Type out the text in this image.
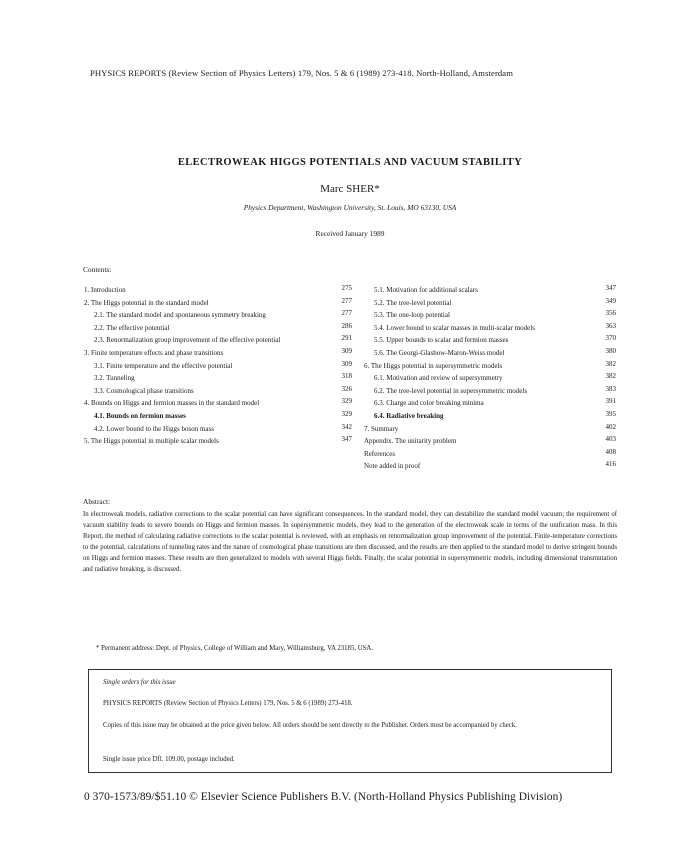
PHYSICS REPORTS (Review Section of Physics Letters) 179, Nos. 5 & 6 (1989) 273-418. North-Holland, Amsterdam
ELECTROWEAK HIGGS POTENTIALS AND VACUUM STABILITY
Marc SHER*
Physics Department, Washington University, St. Louis, MO 63130, USA
Received January 1989
Contents:
1. Introduction	275
2. The Higgs potential in the standard model	277
2.1. The standard model and spontaneous symmetry breaking	277
2.2. The effective potential	286
2.3. Renormalization group improvement of the effective potential	291
3. Finite temperature effects and phase transitions	309
3.1. Finite temperature and the effective potential	309
3.2. Tunneling	318
3.3. Cosmological phase transitions	326
4. Bounds on Higgs and fermion masses in the standard model	329
4.1. Bounds on fermion masses	329
4.2. Lower bound to the Higgs boson mass	342
5. The Higgs potential in multiple scalar models	347
5.1. Motivation for additional scalars	347
5.2. The tree-level potential	349
5.3. The one-loop potential	356
5.4. Lower bound to scalar masses in multi-scalar models	363
5.5. Upper bounds to scalar and fermion masses	370
5.6. The Georgi-Glashow-Maron-Weiss model	380
6. The Higgs potential in supersymmetric models	382
6.1. Motivation and review of supersymmetry	382
6.2. The tree-level potential in supersymmetric models	383
6.3. Charge and color breaking minima	391
6.4. Radiative breaking	395
7. Summary	402
Appendix. The unitarity problem	403
References	408
Note added in proof	416
Abstract:
In electroweak models, radiative corrections to the scalar potential can have significant consequences. In the standard model, they can destabilize the standard model vacuum; the requirement of vacuum stability leads to severe bounds on Higgs and fermion masses. In supersymmetric models, they lead to the generation of the electroweak scale in terms of the unification mass. In this Report, the method of calculating radiative corrections to the scalar potential is reviewed, with an emphasis on renormalization group improvement of the potential. Finite-temperature corrections to the potential, calculations of tunneling rates and the nature of cosmological phase transitions are then discussed, and the results are then applied to the standard model to derive stringent bounds on Higgs and fermion masses. These results are then generalized to models with several Higgs fields. Finally, the scalar potential in supersymmetric models, including dimensional transmutation and radiative breaking, is discussed.
* Permanent address: Dept. of Physics, College of William and Mary, Williamsburg, VA 23185, USA.
Single orders for this issue
PHYSICS REPORTS (Review Section of Physics Letters) 179, Nos. 5 & 6 (1989) 273-418.
Copies of this issue may be obtained at the price given below. All orders should be sent directly to the Publisher. Orders must be accompanied by check.
Single issue price Dfl. 109.00, postage included.
0 370-1573/89/$51.10 © Elsevier Science Publishers B.V. (North-Holland Physics Publishing Division)
